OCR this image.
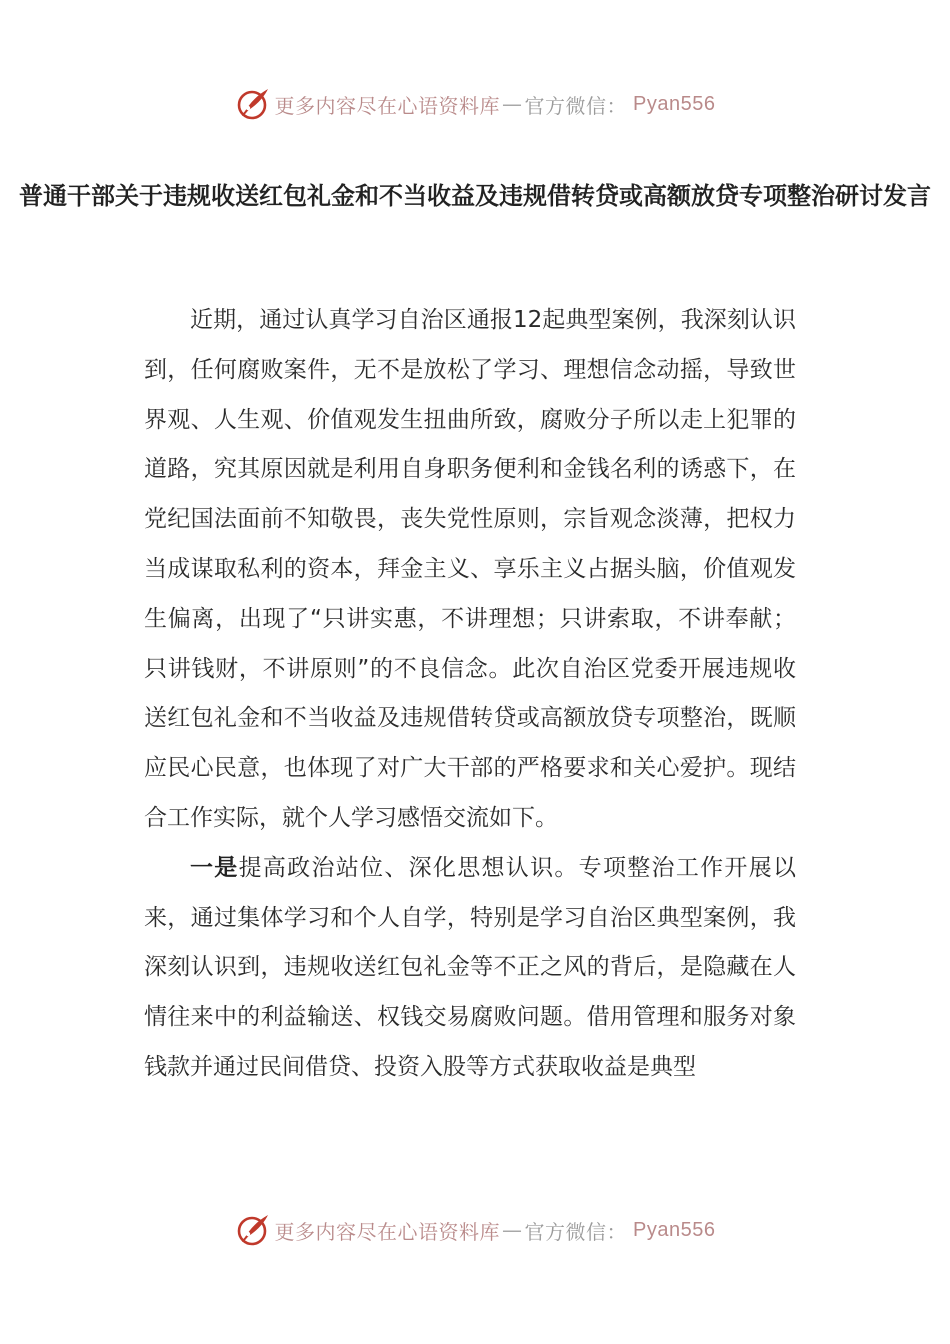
更多内容尽在心语资料库 — 官方微信： Pyan556
普通干部关于违规收送红包礼金和不当收益及违规借转贷或高额放贷专项整治研讨发言

近期，通过认真学习自治区通报12起典型案例，我深刻认识到，任何腐败案件，无不是放松了学习、理想信念动摇，导致世界观、人生观、价值观发生扭曲所致，腐败分子所以走上犯罪的道路，究其原因就是利用自身职务便利和金钱名利的诱惑下，在党纪国法面前不知敬畏，丧失党性原则，宗旨观念淡薄，把权力当成谋取私利的资本，拜金主义、享乐主义占据头脑，价值观发生偏离，出现了“只讲实惠，不讲理想；只讲索取，不讲奉献；只讲钱财，不讲原则”的不良信念。此次自治区党委开展违规收送红包礼金和不当收益及违规借转贷或高额放贷专项整治，既顺应民心民意，也体现了对广大干部的严格要求和关心爱护。现结合工作实际，就个人学习感悟交流如下。

一是提高政治站位、深化思想认识。专项整治工作开展以来，通过集体学习和个人自学，特别是学习自治区典型案例，我深刻认识到，违规收送红包礼金等不正之风的背后，是隐藏在人情往来中的利益输送、权钱交易腐败问题。借用管理和服务对象钱款并通过民间借贷、投资入股等方式获取收益是典型

更多内容尽在心语资料库 — 官方微信： Pyan556
